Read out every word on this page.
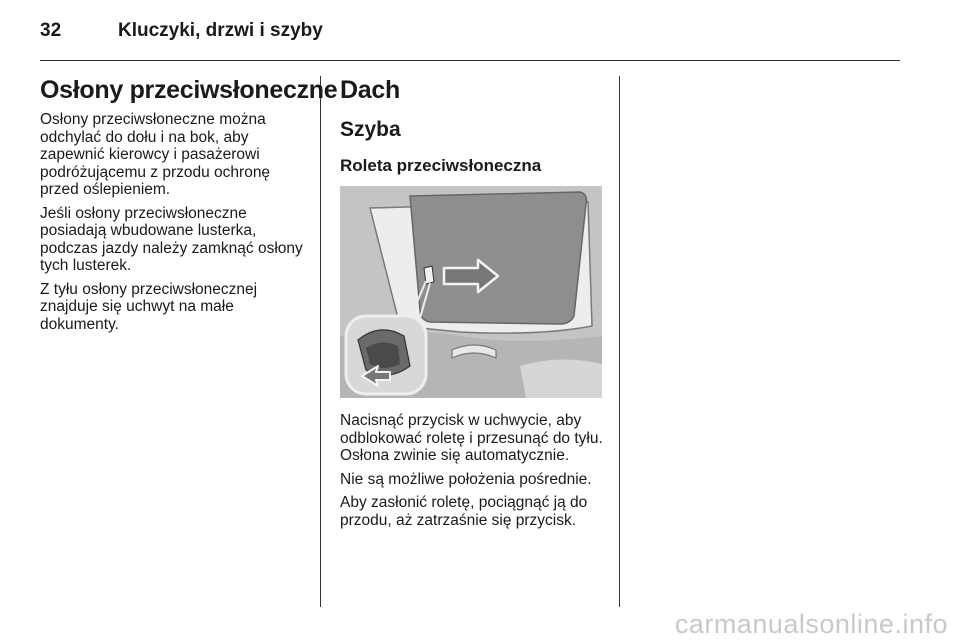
32	Kluczyki, drzwi i szyby
Osłony przeciwsłoneczne

Osłony przeciwsłoneczne można odchylać do dołu i na bok, aby zapewnić kierowcy i pasażerowi podróżującemu z przodu ochronę przed oślepieniem.

Jeśli osłony przeciwsłoneczne posiadają wbudowane lusterka, podczas jazdy należy zamknąć osłony tych lusterek.

Z tyłu osłony przeciwsłonecznej znajduje się uchwyt na małe dokumenty.

Dach
Szyba
Roleta przeciwsłoneczna

Nacisnąć przycisk w uchwycie, aby odblokować roletę i przesunąć do tyłu. Osłona zwinie się automatycznie.

Nie są możliwe położenia pośrednie.

Aby zasłonić roletę, pociągnąć ją do przodu, aż zatrzaśnie się przycisk.

carmanualsonline.info
